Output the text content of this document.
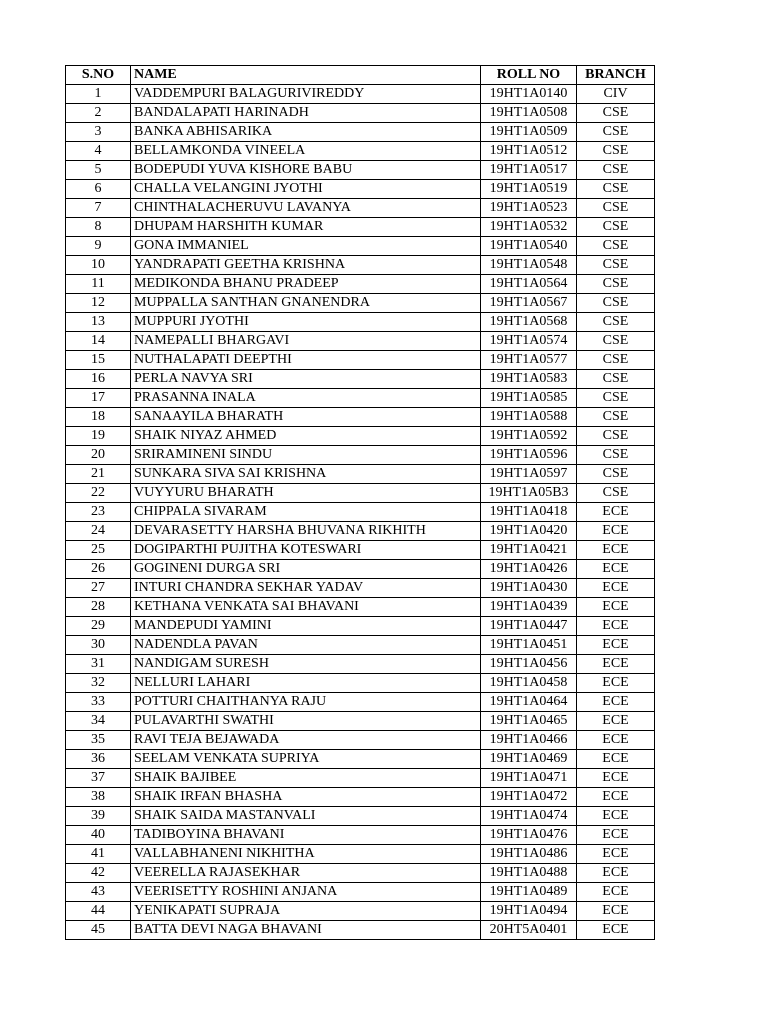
S.NO	NAME	ROLL NO	BRANCH
1	VADDEMPURI BALAGURIVIREDDY	19HT1A0140	CIV
2	BANDALAPATI HARINADH	19HT1A0508	CSE
3	BANKA ABHISARIKA	19HT1A0509	CSE
4	BELLAMKONDA VINEELA	19HT1A0512	CSE
5	BODEPUDI YUVA KISHORE BABU	19HT1A0517	CSE
6	CHALLA VELANGINI JYOTHI	19HT1A0519	CSE
7	CHINTHALACHERUVU LAVANYA	19HT1A0523	CSE
8	DHUPAM HARSHITH KUMAR	19HT1A0532	CSE
9	GONA IMMANIEL	19HT1A0540	CSE
10	YANDRAPATI GEETHA KRISHNA	19HT1A0548	CSE
11	MEDIKONDA BHANU PRADEEP	19HT1A0564	CSE
12	MUPPALLA SANTHAN GNANENDRA	19HT1A0567	CSE
13	MUPPURI JYOTHI	19HT1A0568	CSE
14	NAMEPALLI BHARGAVI	19HT1A0574	CSE
15	NUTHALAPATI DEEPTHI	19HT1A0577	CSE
16	PERLA NAVYA SRI	19HT1A0583	CSE
17	PRASANNA INALA	19HT1A0585	CSE
18	SANAAYILA BHARATH	19HT1A0588	CSE
19	SHAIK NIYAZ AHMED	19HT1A0592	CSE
20	SRIRAMINENI SINDU	19HT1A0596	CSE
21	SUNKARA SIVA SAI KRISHNA	19HT1A0597	CSE
22	VUYYURU BHARATH	19HT1A05B3	CSE
23	CHIPPALA SIVARAM	19HT1A0418	ECE
24	DEVARASETTY HARSHA BHUVANA RIKHITH	19HT1A0420	ECE
25	DOGIPARTHI PUJITHA KOTESWARI	19HT1A0421	ECE
26	GOGINENI DURGA SRI	19HT1A0426	ECE
27	INTURI CHANDRA SEKHAR YADAV	19HT1A0430	ECE
28	KETHANA VENKATA SAI BHAVANI	19HT1A0439	ECE
29	MANDEPUDI YAMINI	19HT1A0447	ECE
30	NADENDLA PAVAN	19HT1A0451	ECE
31	NANDIGAM SURESH	19HT1A0456	ECE
32	NELLURI LAHARI	19HT1A0458	ECE
33	POTTURI CHAITHANYA RAJU	19HT1A0464	ECE
34	PULAVARTHI SWATHI	19HT1A0465	ECE
35	RAVI TEJA BEJAWADA	19HT1A0466	ECE
36	SEELAM VENKATA SUPRIYA	19HT1A0469	ECE
37	SHAIK BAJIBEE	19HT1A0471	ECE
38	SHAIK IRFAN BHASHA	19HT1A0472	ECE
39	SHAIK SAIDA MASTANVALI	19HT1A0474	ECE
40	TADIBOYINA BHAVANI	19HT1A0476	ECE
41	VALLABHANENI NIKHITHA	19HT1A0486	ECE
42	VEERELLA RAJASEKHAR	19HT1A0488	ECE
43	VEERISETTY ROSHINI ANJANA	19HT1A0489	ECE
44	YENIKAPATI SUPRAJA	19HT1A0494	ECE
45	BATTA DEVI NAGA BHAVANI	20HT5A0401	ECE
